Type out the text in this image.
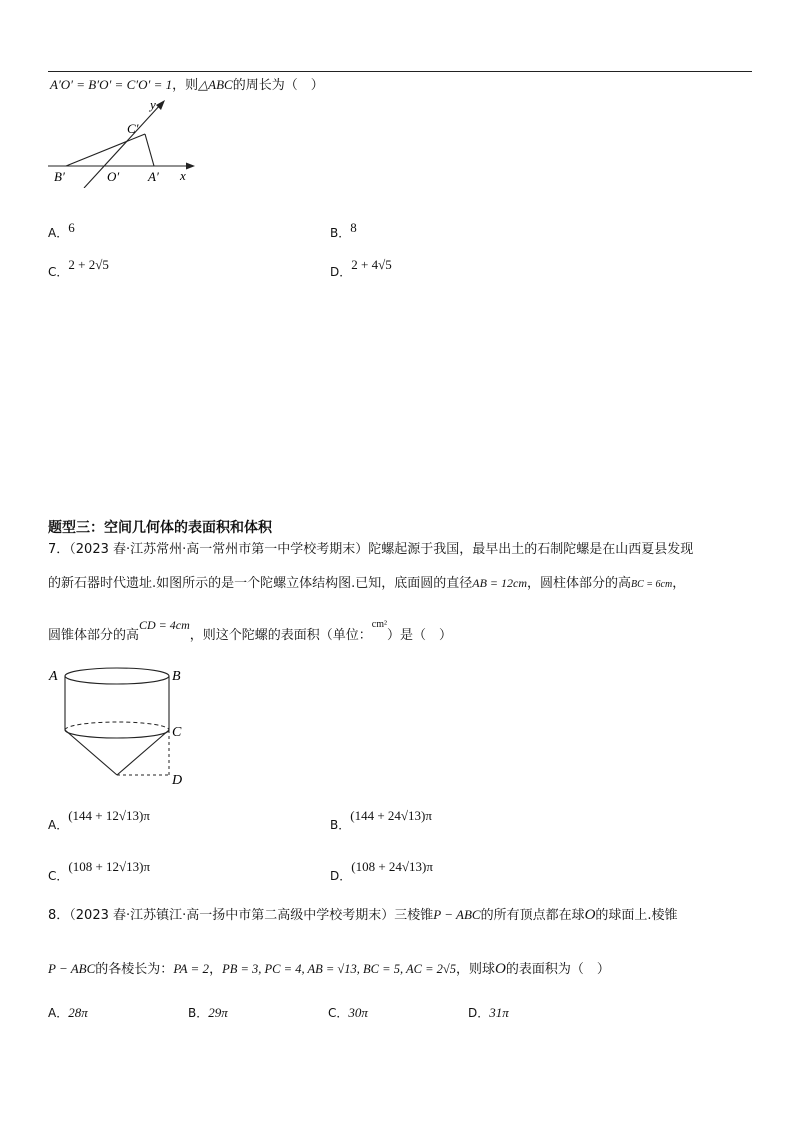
A′O′ = B′O′ = C′O′ = 1，则△ABC的周长为（　）
y
x
C′
B′	O′ A′
A．6	B．8
C．2 + 2√5	D．2 + 4√5
题型三：空间几何体的表面积和体积
7．（2023 春·江苏常州·高一常州市第一中学校考期末）陀螺起源于我国，最早出土的石制陀螺是在山西夏县发现
的新石器时代遗址.如图所示的是一个陀螺立体结构图.已知，底面圆的直径AB = 12cm，圆柱体部分的高BC = 6cm，
圆锥体部分的高CD = 4cm，则这个陀螺的表面积（单位：$^{cm^2}$）是（　）
A	B
C
D
A．(144 + 12√13)π
B．(144 + 24√13)π
C．(108 + 12√13)π
D．(108 + 24√13)π
8．（2023 春·江苏镇江·高一扬中市第二高级中学校考期末）三棱锥P − ABC的所有顶点都在球O的球面上.棱锥
P − ABC的各棱长为：PA = 2，PB = 3, PC = 4, AB = √13, BC = 5, AC = 2√5，则球O的表面积为（　）
A．28π	B．29π	C．30π	D．31π
